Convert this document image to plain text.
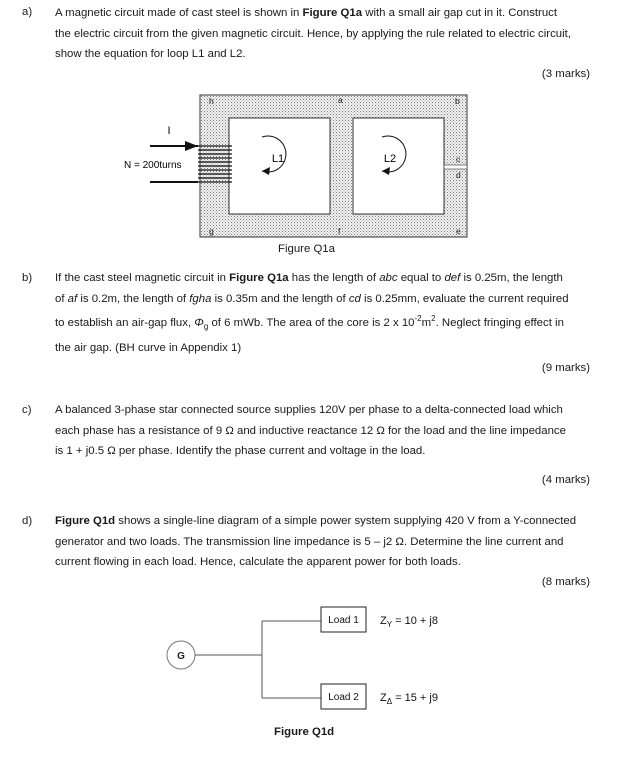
a) A magnetic circuit made of cast steel is shown in Figure Q1a with a small air gap cut in it. Construct
the electric circuit from the given magnetic circuit. Hence, by applying the rule related to electric circuit,
show the equation for loop L1 and L2.
(3 marks)
I
N = 200turns
L1	L2
h	a	b
c
d
e
f
g
Figure Q1a
b) If the cast steel magnetic circuit in Figure Q1a has the length of abc equal to def is 0.25m, the length
of af is 0.2m, the length of fgha is 0.35m and the length of cd is 0.25mm, evaluate the current required
to establish an air-gap flux, $\Phi_g$ of 6 mWb. The area of the core is 2 x $10^{-2}m^2$. Neglect fringing effect in
the air gap. (BH curve in Appendix 1)
(9 marks)
c) A balanced 3-phase star connected source supplies 120V per phase to a delta-connected load which
each phase has a resistance of 9 Ω and inductive reactance 12 Ω for the load and the line impedance
is 1 + j0.5 Ω per phase. Identify the phase current and voltage in the load.
(4 marks)
d) Figure Q1d shows a single-line diagram of a simple power system supplying 420 V from a Y-connected
generator and two loads. The transmission line impedance is 5 – j2 Ω. Determine the line current and
current flowing in each load. Hence, calculate the apparent power for both loads.
(8 marks)
G
Load 1
Load 2
$Z_Y = 10 + j8$
$Z_\Delta = 15 + j9$
Figure Q1d
